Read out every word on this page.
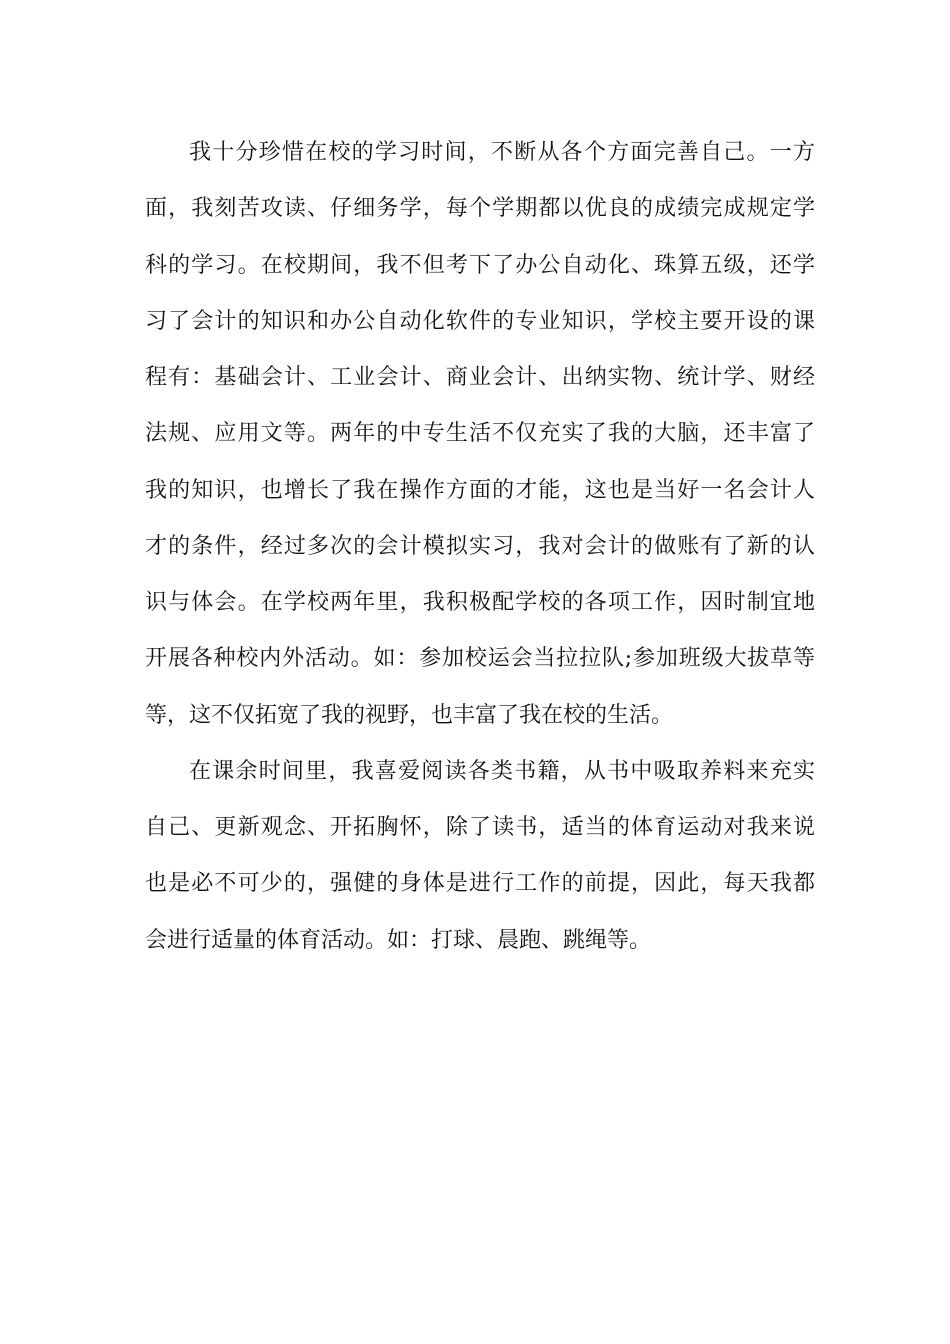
我十分珍惜在校的学习时间，不断从各个方面完善自己。一方
面，我刻苦攻读、仔细务学，每个学期都以优良的成绩完成规定学
科的学习。在校期间，我不但考下了办公自动化、珠算五级，还学
习了会计的知识和办公自动化软件的专业知识，学校主要开设的课
程有：基础会计、工业会计、商业会计、出纳实物、统计学、财经
法规、应用文等。两年的中专生活不仅充实了我的大脑，还丰富了
我的知识，也增长了我在操作方面的才能，这也是当好一名会计人
才的条件，经过多次的会计模拟实习，我对会计的做账有了新的认
识与体会。在学校两年里，我积极配学校的各项工作，因时制宜地
开展各种校内外活动。如：参加校运会当拉拉队;参加班级大拔草等
等，这不仅拓宽了我的视野，也丰富了我在校的生活。
在课余时间里，我喜爱阅读各类书籍，从书中吸取养料来充实
自己、更新观念、开拓胸怀，除了读书，适当的体育运动对我来说
也是必不可少的，强健的身体是进行工作的前提，因此，每天我都
会进行适量的体育活动。如：打球、晨跑、跳绳等。
